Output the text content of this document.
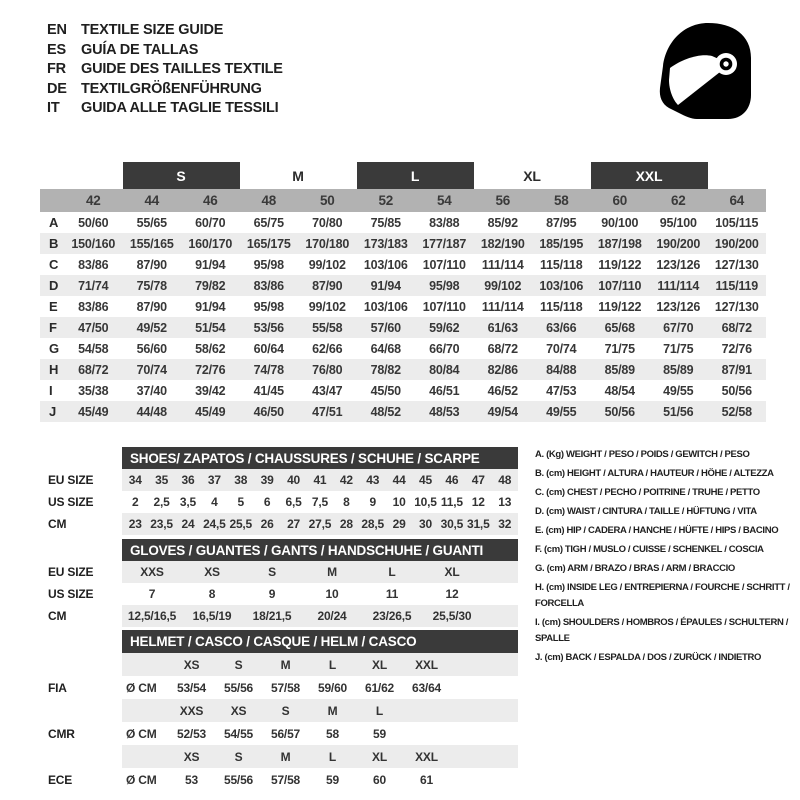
EN TEXTILE SIZE GUIDE
ES	GUÍA DE TALLAS
FR	GUIDE DES TAILLES TEXTILE
DE TEXTILGRÖßENFÜHRUNG
IT	GUIDA ALLE TAGLIE TESSILI
		S		M		L		XL		XXL		
	42	44	46	48	50	52	54	56	58	60	62	64
A	50/60	55/65	60/70	65/75	70/80	75/85	83/88	85/92	87/95	90/100	95/100	105/115
B	150/160	155/165	160/170	165/175	170/180	173/183	177/187	182/190	185/195	187/198	190/200	190/200
C	83/86	87/90	91/94	95/98	99/102	103/106	107/110	111/114	115/118	119/122	123/126	127/130
D	71/74	75/78	79/82	83/86	87/90	91/94	95/98	99/102	103/106	107/110	111/114	115/119
E	83/86	87/90	91/94	95/98	99/102	103/106	107/110	111/114	115/118	119/122	123/126	127/130
F	47/50	49/52	51/54	53/56	55/58	57/60	59/62	61/63	63/66	65/68	67/70	68/72
G	54/58	56/60	58/62	60/64	62/66	64/68	66/70	68/72	70/74	71/75	71/75	72/76
H	68/72	70/74	72/76	74/78	76/80	78/82	80/84	82/86	84/88	85/89	85/89	87/91
I	35/38	37/40	39/42	41/45	43/47	45/50	46/51	46/52	47/53	48/54	49/55	50/56
J	45/49	44/48	45/49	46/50	47/51	48/52	48/53	49/54	49/55	50/56	51/56	52/58
	SHOES/ ZAPATOS / CHAUSSURES / SCHUHE / SCARPE														
EU SIZE	34	35	36	37	38	39	40	41	42	43	44	45	46	47	48
US SIZE	2	2,5	3,5	4	5	6	6,5	7,5	8	9	10	10,5	11,5	12	13
CM	23	23,5	24	24,5	25,5	26	27	27,5	28	28,5	29	30	30,5	31,5	32
	GLOVES / GUANTES / GANTS / HANDSCHUHE / GUANTI						
EU SIZE	XXS	XS	S	M	L	XL	
US SIZE	7	8	9	10	11	12	
CM	12,5/16,5	16,5/19	18/21,5	20/24	23/26,5	25,5/30	
	HELMET / CASCO / CASQUE / HELM / CASCO							
		XS	S	M	L	XL	XXL	
FIA	Ø CM	53/54	55/56	57/58	59/60	61/62	63/64	
		XXS	XS	S	M	L		
CMR	Ø CM	52/53	54/55	56/57	58	59		
		XS	S	M	L	XL	XXL	
ECE	Ø CM	53	55/56	57/58	59	60	61	
A. (Kg) WEIGHT / PESO / POIDS / GEWITCH / PESO
B. (cm) HEIGHT / ALTURA / HAUTEUR / HÖHE / ALTEZZA
C. (cm) CHEST / PECHO / POITRINE / TRUHE / PETTO
D. (cm) WAIST / CINTURA / TAILLE / HÜFTUNG / VITA
E. (cm) HIP / CADERA / HANCHE / HÜFTE / HIPS / BACINO
F. (cm) TIGH / MUSLO / CUISSE / SCHENKEL / COSCIA
G. (cm) ARM / BRAZO / BRAS / ARM / BRACCIO
H. (cm) INSIDE LEG / ENTREPIERNA / FOURCHE / SCHRITT / FORCELLA
I. (cm) SHOULDERS / HOMBROS / ÉPAULES / SCHULTERN / SPALLE
J. (cm) BACK / ESPALDA / DOS / ZURÜCK / INDIETRO
